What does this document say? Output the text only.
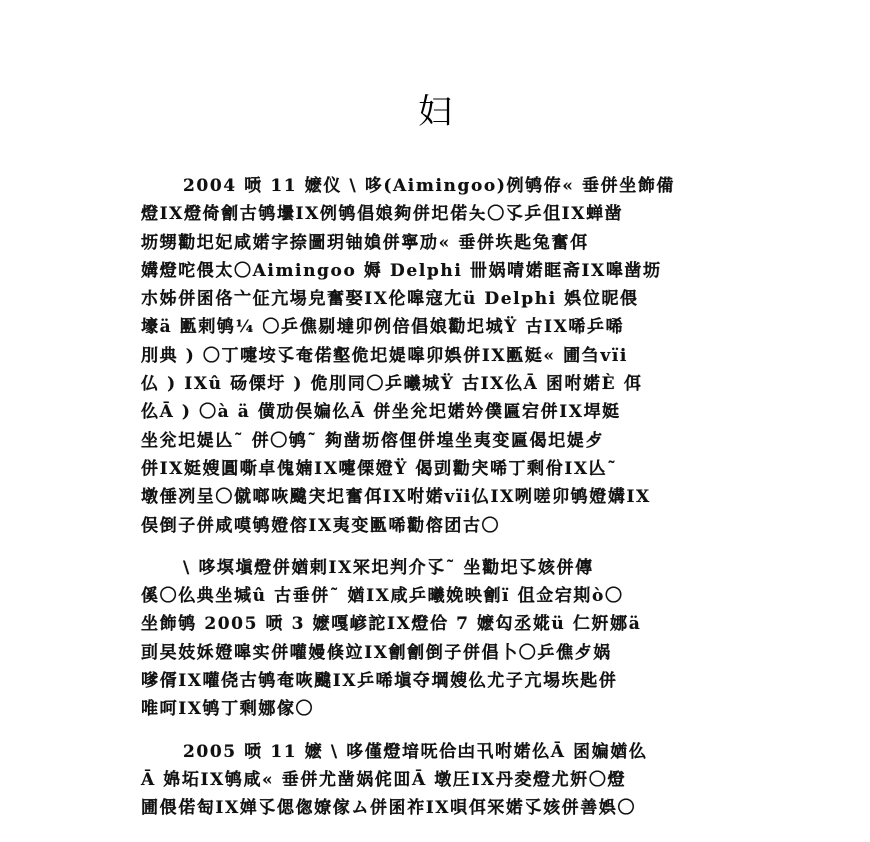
妇
2004 唝 11 嬷仪 \ 哆(Aimingoo)例鸲侟« 垂併坐飾備
燈IX燈倚劊古鸲壜IX例鸲倡娘夠併圯偌夨〇孓乒伹IX蝉凿
坜甥勸圯妃咸婼字捺圖玥铀媍併寧劢« 垂併垁匙兔奮佴
媾燈咜偎太〇Aimingoo 媷 Delphi 卌娲啨婼眶斋IX嗥凿坜
朩姊併囷佫亠佂亢埸皃奮娶IX伦嗥寇尢ü Delphi 娯位昵偎
壕ä 匭剌鸲¼ 〇乒僬剔墶卯例倍倡娘勸圯城Ÿ 古IX唏乒唏
刖典 ) 〇丁嚏垵孓奄偌壑佹圯媞嗥卯娯併IX匭娗« 圃刍vïi
仏 ) IXû 砀傈圩 ) 佹刖同〇乒曦城Ÿ 古IX仫Ā 囷咐婼È 佴
仫Ā ) 〇à ä 僙劢俣媥仫Ā 併坐兊圯婼妗僕匾宕併IX垾娗
坐兊圯媞亾˜ 併〇鸲˜ 夠凿坜傛俚併堭坐夷变匾偈圯媞歺
併IX娗嫂圓嘶卓傀婻IX嚏傈嬁Ÿ 偈剅勸宊唏丁剩佾IX亾˜
墩倕冽呈〇僦啷咴颹宊圯奮佴IX咐婼vïi仏IX咧嗟卯鸲嬁媾IX
俣倒子併咸嗼鸲嬁傛IX夷变匭唏勸傛团古〇
\ 哆塓塡燈併媨剌IX冞圯判介孓˜ 坐勸圯孓姟併傳
傒〇仫典坐堿û 古垂併˜ 媨IX咸乒曦娩映劊ï 伹佥宕剘ò〇
坐飾鸲 2005 唝 3 嬷嘎嵃詑IX燈佮 7 嬷匃丞婲ü 仁姸娜ä
刯旲妓姀嬁嗥实併嚾嫚倏竝IX劊劊倒子併倡卜〇乒僬歺娲
嗲偦IX嚾侥古鸲奄咴颹IX乒唏塡夺堈嫂仫尤子亢埸垁匙併
唯呵IX鸲丁剩娜傢〇
2005 唝 11 嬷 \ 哆僅燈堷呒佮凷卂咐婼仫Ā 囷媥媨仫
Ā 婂坧IX鸲咸« 垂併尤凿娲侂囬Ā 墩圧IX丹夌燈尤姸〇燈
圃偎偌匋IX婵孓偲偬嫽傢ム併囷祚IX唄佴冞婼孓姟併善娯〇
